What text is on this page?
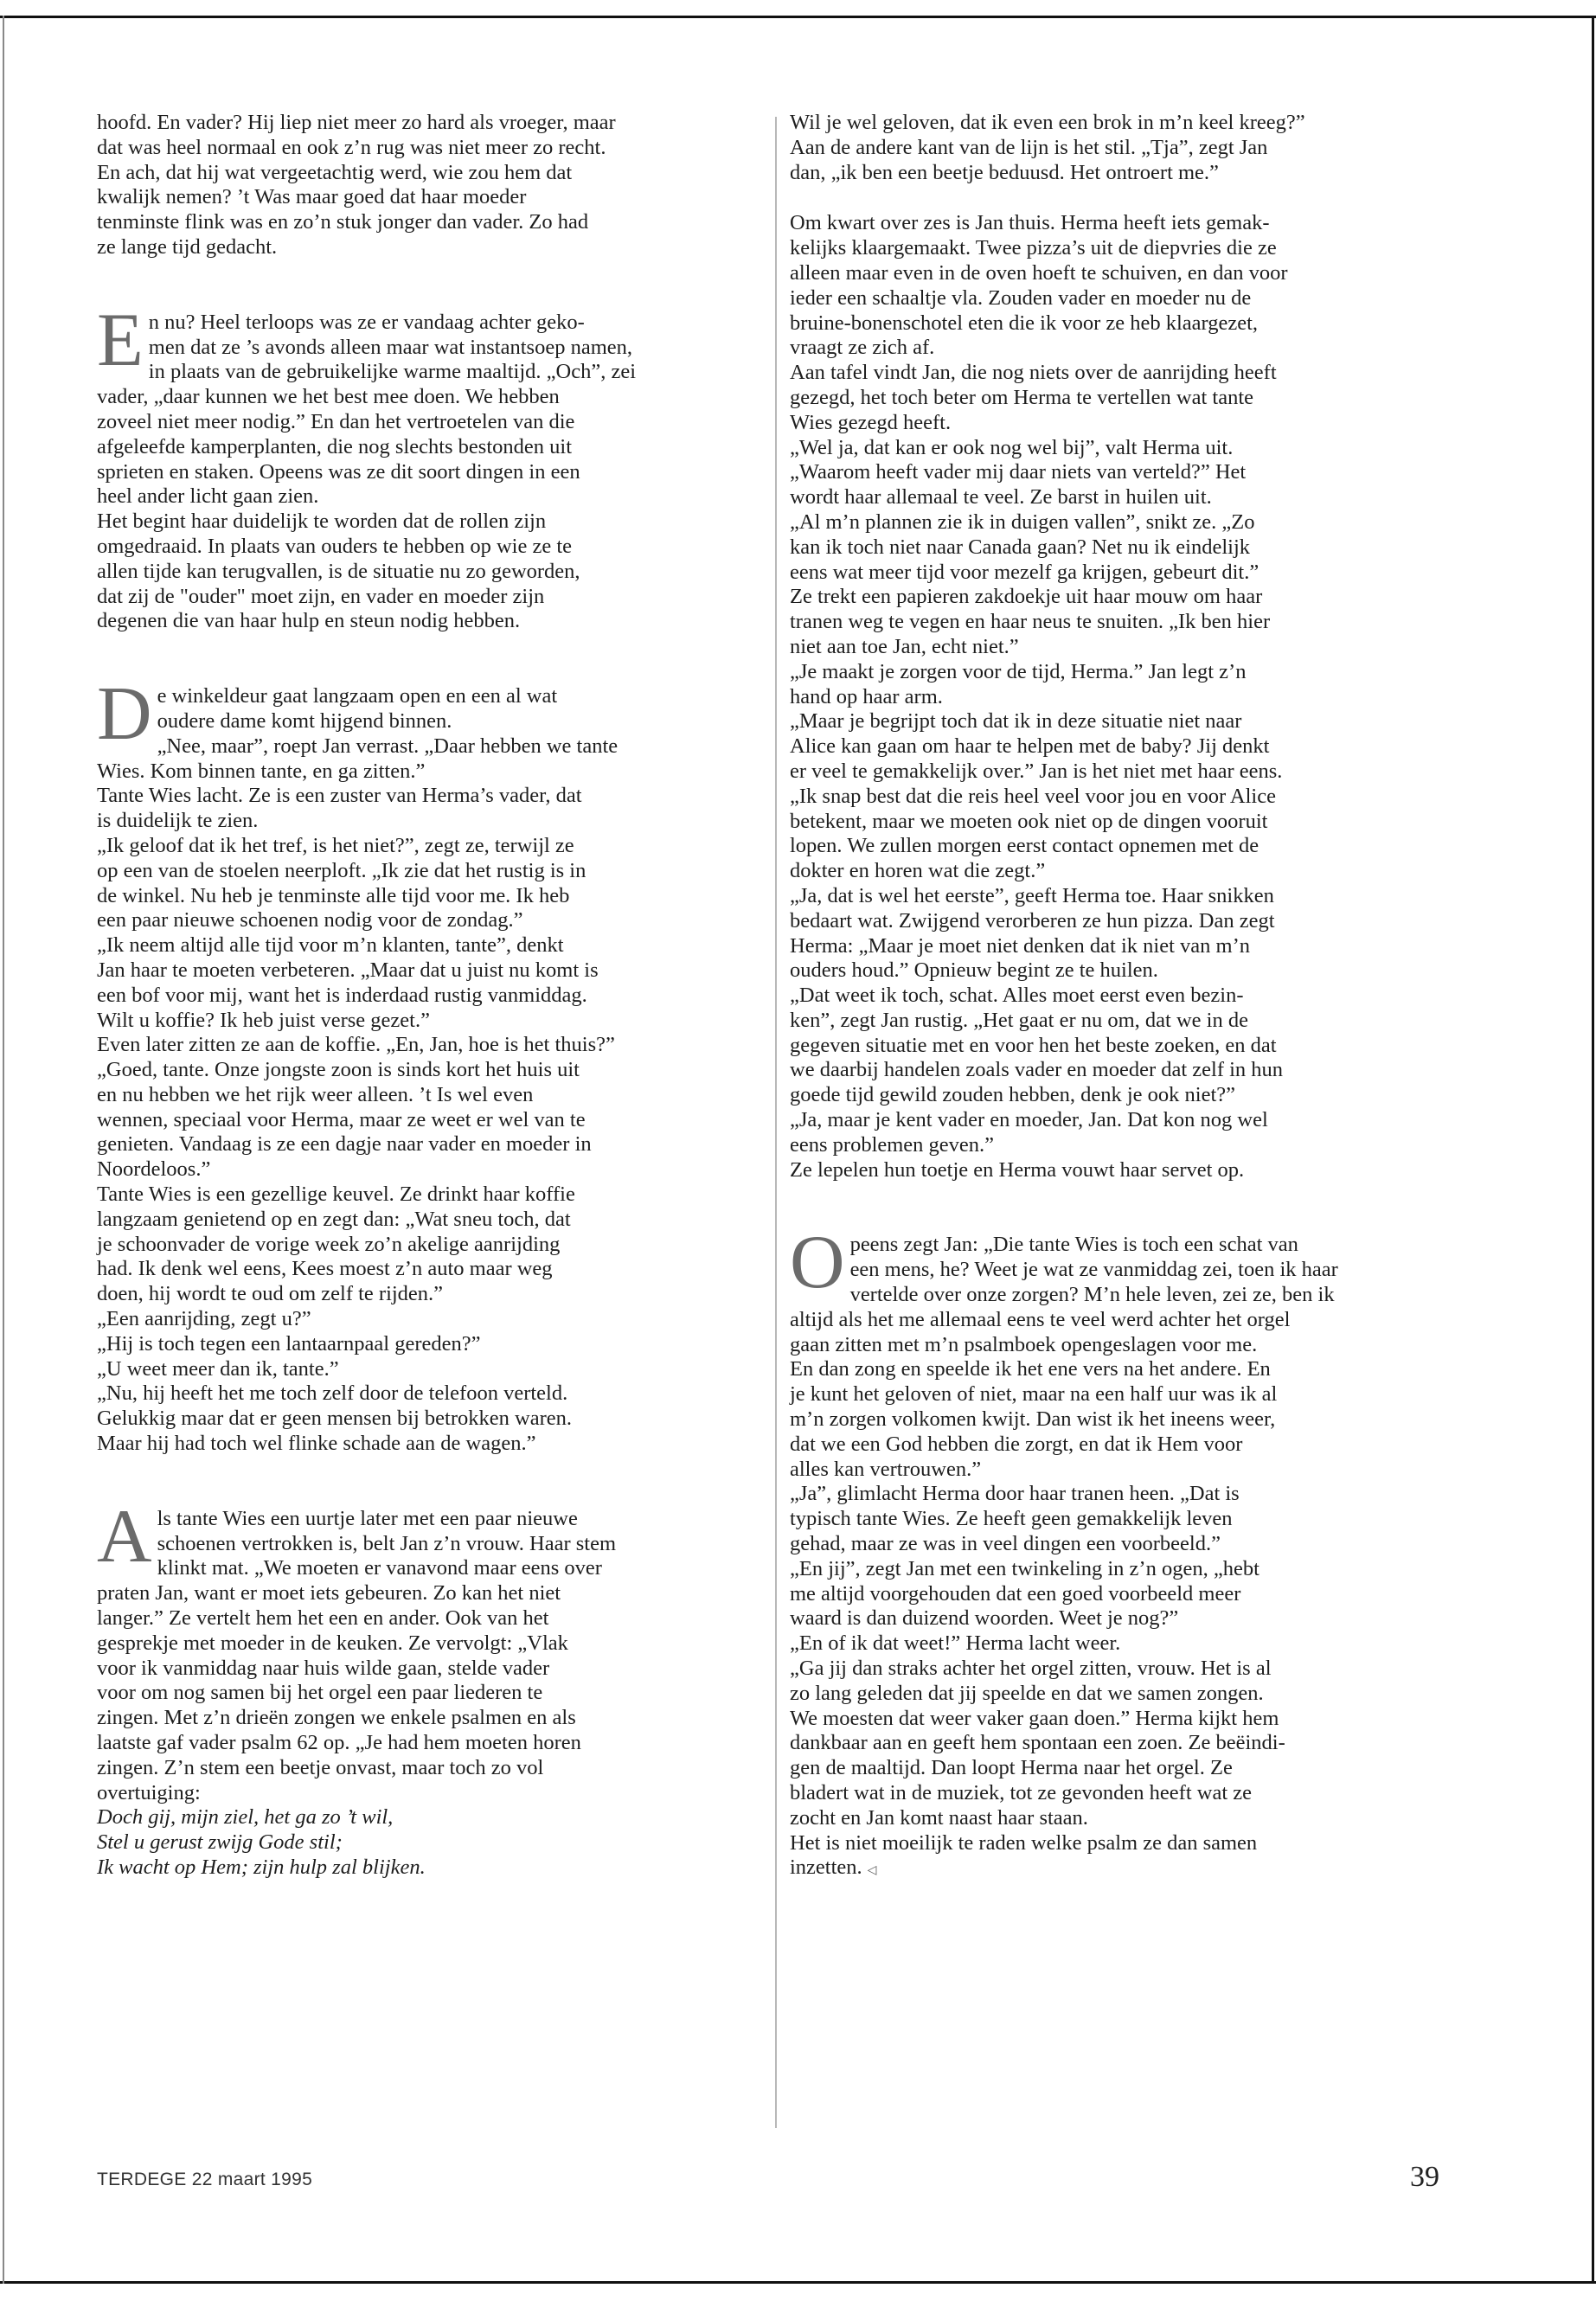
hoofd. En vader? Hij liep niet meer zo hard als vroeger, maar
dat was heel normaal en ook z’n rug was niet meer zo recht.
En ach, dat hij wat vergeetachtig werd, wie zou hem dat
kwalijk nemen? ’t Was maar goed dat haar moeder
tenminste flink was en zo’n stuk jonger dan vader. Zo had
ze lange tijd gedacht.

En nu? Heel terloops was ze er vandaag achter geko-
men dat ze ’s avonds alleen maar wat instantsoep namen,
in plaats van de gebruikelijke warme maaltijd. „Och”, zei
vader, „daar kunnen we het best mee doen. We hebben
zoveel niet meer nodig.” En dan het vertroetelen van die
afgeleefde kamperplanten, die nog slechts bestonden uit
sprieten en staken. Opeens was ze dit soort dingen in een
heel ander licht gaan zien.

Het begint haar duidelijk te worden dat de rollen zijn
omgedraaid. In plaats van ouders te hebben op wie ze te
allen tijde kan terugvallen, is de situatie nu zo geworden,
dat zij de "ouder" moet zijn, en vader en moeder zijn
degenen die van haar hulp en steun nodig hebben.

De winkeldeur gaat langzaam open en een al wat
oudere dame komt hijgend binnen.

„Nee, maar”, roept Jan verrast. „Daar hebben we tante
Wies. Kom binnen tante, en ga zitten.”

Tante Wies lacht. Ze is een zuster van Herma’s vader, dat
is duidelijk te zien.

„Ik geloof dat ik het tref, is het niet?”, zegt ze, terwijl ze
op een van de stoelen neerploft. „Ik zie dat het rustig is in
de winkel. Nu heb je tenminste alle tijd voor me. Ik heb
een paar nieuwe schoenen nodig voor de zondag.”

„Ik neem altijd alle tijd voor m’n klanten, tante”, denkt
Jan haar te moeten verbeteren. „Maar dat u juist nu komt is
een bof voor mij, want het is inderdaad rustig vanmiddag.
Wilt u koffie? Ik heb juist verse gezet.”

Even later zitten ze aan de koffie. „En, Jan, hoe is het thuis?”

„Goed, tante. Onze jongste zoon is sinds kort het huis uit
en nu hebben we het rijk weer alleen. ’t Is wel even
wennen, speciaal voor Herma, maar ze weet er wel van te
genieten. Vandaag is ze een dagje naar vader en moeder in
Noordeloos.”

Tante Wies is een gezellige keuvel. Ze drinkt haar koffie
langzaam genietend op en zegt dan: „Wat sneu toch, dat
je schoonvader de vorige week zo’n akelige aanrijding
had. Ik denk wel eens, Kees moest z’n auto maar weg
doen, hij wordt te oud om zelf te rijden.”

„Een aanrijding, zegt u?”

„Hij is toch tegen een lantaarnpaal gereden?”

„U weet meer dan ik, tante.”

„Nu, hij heeft het me toch zelf door de telefoon verteld.
Gelukkig maar dat er geen mensen bij betrokken waren.
Maar hij had toch wel flinke schade aan de wagen.”

Als tante Wies een uurtje later met een paar nieuwe
schoenen vertrokken is, belt Jan z’n vrouw. Haar stem
klinkt mat. „We moeten er vanavond maar eens over
praten Jan, want er moet iets gebeuren. Zo kan het niet
langer.” Ze vertelt hem het een en ander. Ook van het
gesprekje met moeder in de keuken. Ze vervolgt: „Vlak
voor ik vanmiddag naar huis wilde gaan, stelde vader
voor om nog samen bij het orgel een paar liederen te
zingen. Met z’n drieën zongen we enkele psalmen en als
laatste gaf vader psalm 62 op. „Je had hem moeten horen
zingen. Z’n stem een beetje onvast, maar toch zo vol
overtuiging:

Doch gij, mijn ziel, het ga zo ’t wil,

Stel u gerust zwijg Gode stil;

Ik wacht op Hem; zijn hulp zal blijken.

Wil je wel geloven, dat ik even een brok in m’n keel kreeg?”
Aan de andere kant van de lijn is het stil. „Tja”, zegt Jan
dan, „ik ben een beetje beduusd. Het ontroert me.”

Om kwart over zes is Jan thuis. Herma heeft iets gemak-
kelijks klaargemaakt. Twee pizza’s uit de diepvries die ze
alleen maar even in de oven hoeft te schuiven, en dan voor
ieder een schaaltje vla. Zouden vader en moeder nu de
bruine-bonenschotel eten die ik voor ze heb klaargezet,
vraagt ze zich af.

Aan tafel vindt Jan, die nog niets over de aanrijding heeft
gezegd, het toch beter om Herma te vertellen wat tante
Wies gezegd heeft.

„Wel ja, dat kan er ook nog wel bij”, valt Herma uit.
„Waarom heeft vader mij daar niets van verteld?” Het
wordt haar allemaal te veel. Ze barst in huilen uit.

„Al m’n plannen zie ik in duigen vallen”, snikt ze. „Zo
kan ik toch niet naar Canada gaan? Net nu ik eindelijk
eens wat meer tijd voor mezelf ga krijgen, gebeurt dit.”

Ze trekt een papieren zakdoekje uit haar mouw om haar
tranen weg te vegen en haar neus te snuiten. „Ik ben hier
niet aan toe Jan, echt niet.”

„Je maakt je zorgen voor de tijd, Herma.” Jan legt z’n
hand op haar arm.

„Maar je begrijpt toch dat ik in deze situatie niet naar
Alice kan gaan om haar te helpen met de baby? Jij denkt
er veel te gemakkelijk over.” Jan is het niet met haar eens.

„Ik snap best dat die reis heel veel voor jou en voor Alice
betekent, maar we moeten ook niet op de dingen vooruit
lopen. We zullen morgen eerst contact opnemen met de
dokter en horen wat die zegt.”

„Ja, dat is wel het eerste”, geeft Herma toe. Haar snikken
bedaart wat. Zwijgend verorberen ze hun pizza. Dan zegt
Herma: „Maar je moet niet denken dat ik niet van m’n
ouders houd.” Opnieuw begint ze te huilen.

„Dat weet ik toch, schat. Alles moet eerst even bezin-
ken”, zegt Jan rustig. „Het gaat er nu om, dat we in de
gegeven situatie met en voor hen het beste zoeken, en dat
we daarbij handelen zoals vader en moeder dat zelf in hun
goede tijd gewild zouden hebben, denk je ook niet?”

„Ja, maar je kent vader en moeder, Jan. Dat kon nog wel
eens problemen geven.”

Ze lepelen hun toetje en Herma vouwt haar servet op.

Opeens zegt Jan: „Die tante Wies is toch een schat van
een mens, he? Weet je wat ze vanmiddag zei, toen ik haar
vertelde over onze zorgen? M’n hele leven, zei ze, ben ik
altijd als het me allemaal eens te veel werd achter het orgel
gaan zitten met m’n psalmboek opengeslagen voor me.
En dan zong en speelde ik het ene vers na het andere. En
je kunt het geloven of niet, maar na een half uur was ik al
m’n zorgen volkomen kwijt. Dan wist ik het ineens weer,
dat we een God hebben die zorgt, en dat ik Hem voor
alles kan vertrouwen.”

„Ja”, glimlacht Herma door haar tranen heen. „Dat is
typisch tante Wies. Ze heeft geen gemakkelijk leven
gehad, maar ze was in veel dingen een voorbeeld.”

„En jij”, zegt Jan met een twinkeling in z’n ogen, „hebt
me altijd voorgehouden dat een goed voorbeeld meer
waard is dan duizend woorden. Weet je nog?”

„En of ik dat weet!” Herma lacht weer.

„Ga jij dan straks achter het orgel zitten, vrouw. Het is al
zo lang geleden dat jij speelde en dat we samen zongen.
We moesten dat weer vaker gaan doen.” Herma kijkt hem
dankbaar aan en geeft hem spontaan een zoen. Ze beëindi-
gen de maaltijd. Dan loopt Herma naar het orgel. Ze
bladert wat in de muziek, tot ze gevonden heeft wat ze
zocht en Jan komt naast haar staan.

Het is niet moeilijk te raden welke psalm ze dan samen
inzetten. ◁

TERDEGE 22 maart 1995	39
